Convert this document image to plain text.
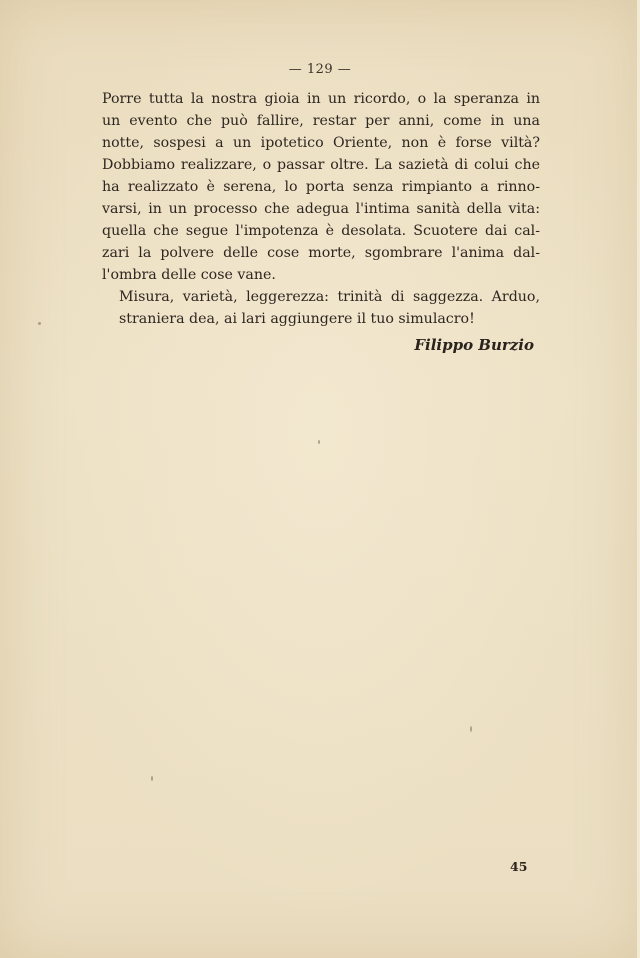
— 129 —

Porre tutta la nostra gioia in un ricordo, o la speranza in
un evento che può fallire, restar per anni, come in una
notte, sospesi a un ipotetico Oriente, non è forse viltà?
Dobbiamo realizzare, o passar oltre. La sazietà di colui che
ha realizzato è serena, lo porta senza rimpianto a rinno-
varsi, in un processo che adegua l'intima sanità della vita:
quella che segue l'impotenza è desolata. Scuotere dai cal-
zari la polvere delle cose morte, sgombrare l'anima dal-
l'ombra delle cose vane.

Misura, varietà, leggerezza: trinità di saggezza. Arduo,
straniera dea, ai lari aggiungere il tuo simulacro!

Filippo Burzio
45
